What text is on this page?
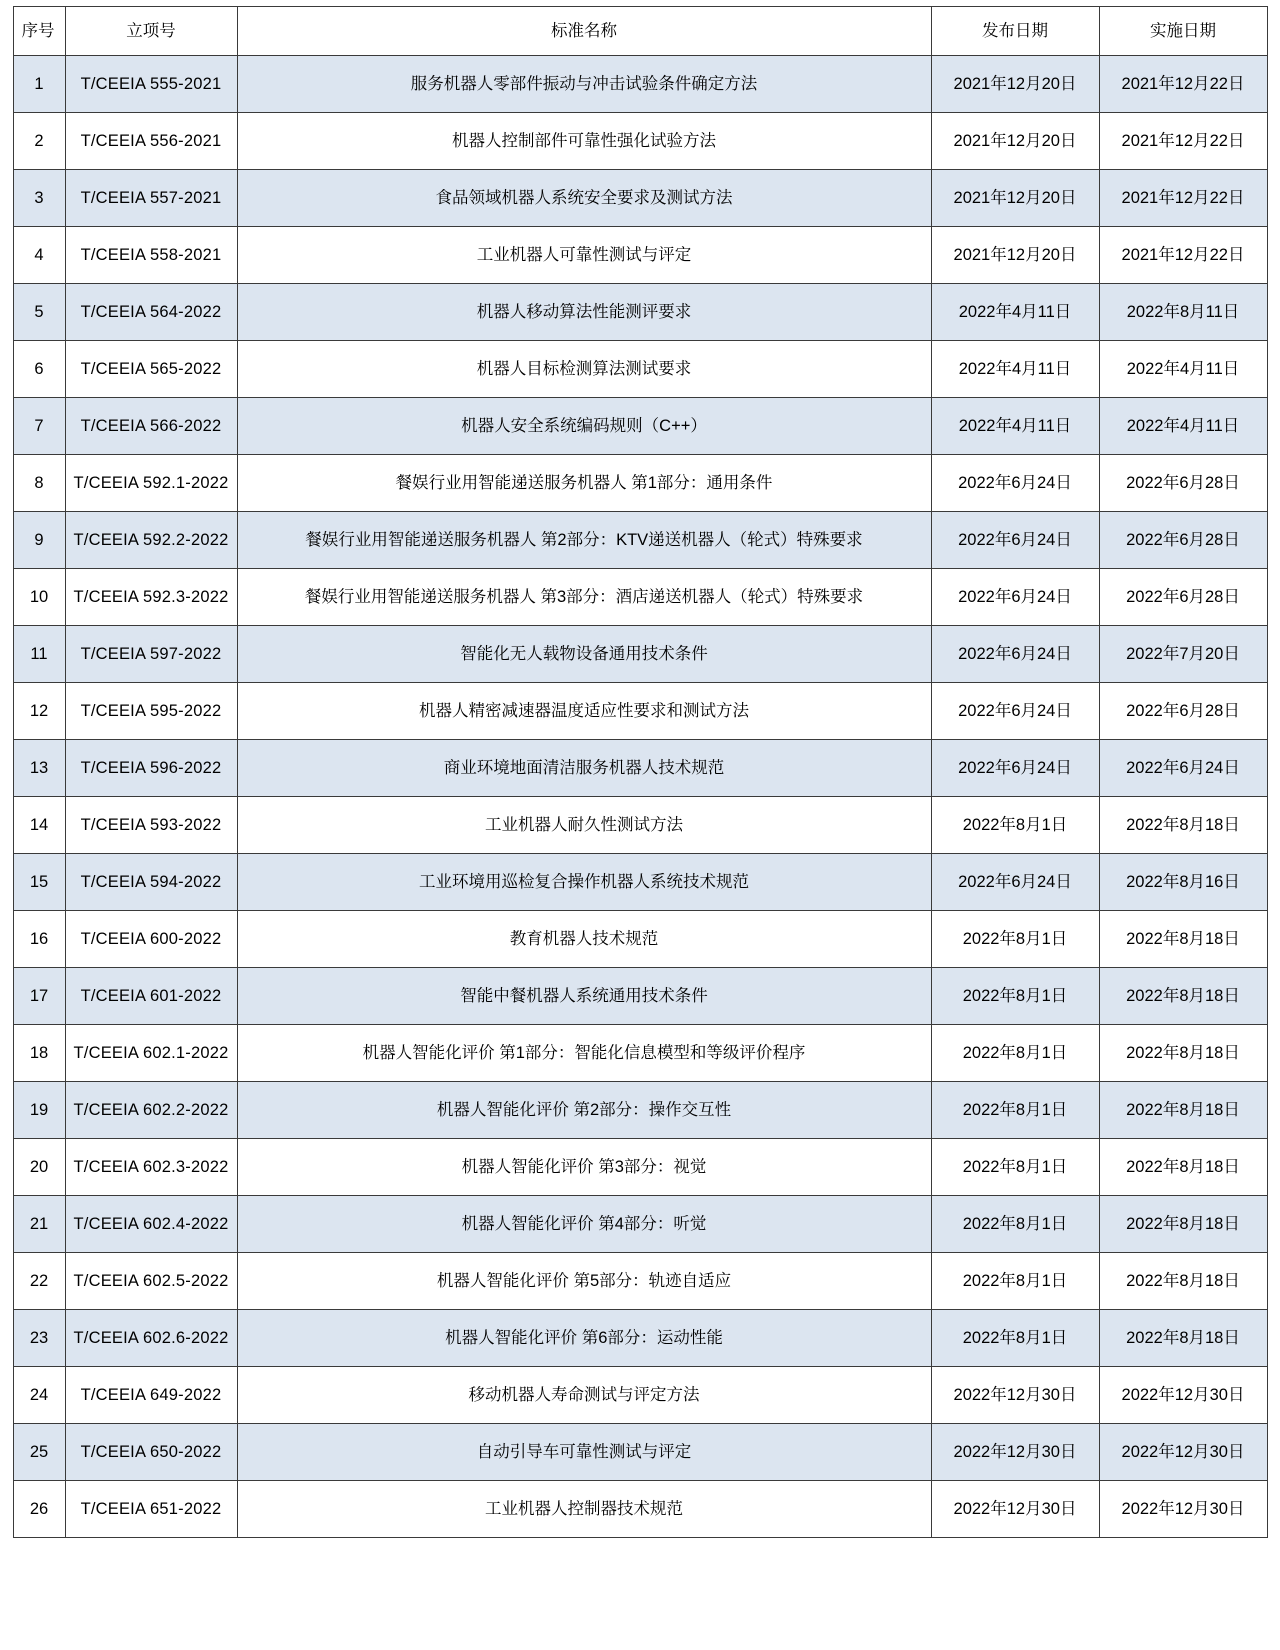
序号	立项号	标准名称	发布日期	实施日期
1	T/CEEIA 555-2021	服务机器人零部件振动与冲击试验条件确定方法	2021年12月20日	2021年12月22日
2	T/CEEIA 556-2021	机器人控制部件可靠性强化试验方法	2021年12月20日	2021年12月22日
3	T/CEEIA 557-2021	食品领域机器人系统安全要求及测试方法	2021年12月20日	2021年12月22日
4	T/CEEIA 558-2021	工业机器人可靠性测试与评定	2021年12月20日	2021年12月22日
5	T/CEEIA 564-2022	机器人移动算法性能测评要求	2022年4月11日	2022年8月11日
6	T/CEEIA 565-2022	机器人目标检测算法测试要求	2022年4月11日	2022年4月11日
7	T/CEEIA 566-2022	机器人安全系统编码规则（C++）	2022年4月11日	2022年4月11日
8	T/CEEIA 592.1-2022	餐娱行业用智能递送服务机器人 第1部分：通用条件	2022年6月24日	2022年6月28日
9	T/CEEIA 592.2-2022	餐娱行业用智能递送服务机器人 第2部分：KTV递送机器人（轮式）特殊要求	2022年6月24日	2022年6月28日
10	T/CEEIA 592.3-2022	餐娱行业用智能递送服务机器人 第3部分：酒店递送机器人（轮式）特殊要求	2022年6月24日	2022年6月28日
11	T/CEEIA 597-2022	智能化无人载物设备通用技术条件	2022年6月24日	2022年7月20日
12	T/CEEIA 595-2022	机器人精密减速器温度适应性要求和测试方法	2022年6月24日	2022年6月28日
13	T/CEEIA 596-2022	商业环境地面清洁服务机器人技术规范	2022年6月24日	2022年6月24日
14	T/CEEIA 593-2022	工业机器人耐久性测试方法	2022年8月1日	2022年8月18日
15	T/CEEIA 594-2022	工业环境用巡检复合操作机器人系统技术规范	2022年6月24日	2022年8月16日
16	T/CEEIA 600-2022	教育机器人技术规范	2022年8月1日	2022年8月18日
17	T/CEEIA 601-2022	智能中餐机器人系统通用技术条件	2022年8月1日	2022年8月18日
18	T/CEEIA 602.1-2022	机器人智能化评价 第1部分：智能化信息模型和等级评价程序	2022年8月1日	2022年8月18日
19	T/CEEIA 602.2-2022	机器人智能化评价 第2部分：操作交互性	2022年8月1日	2022年8月18日
20	T/CEEIA 602.3-2022	机器人智能化评价 第3部分：视觉	2022年8月1日	2022年8月18日
21	T/CEEIA 602.4-2022	机器人智能化评价 第4部分：听觉	2022年8月1日	2022年8月18日
22	T/CEEIA 602.5-2022	机器人智能化评价 第5部分：轨迹自适应	2022年8月1日	2022年8月18日
23	T/CEEIA 602.6-2022	机器人智能化评价 第6部分：运动性能	2022年8月1日	2022年8月18日
24	T/CEEIA 649-2022	移动机器人寿命测试与评定方法	2022年12月30日	2022年12月30日
25	T/CEEIA 650-2022	自动引导车可靠性测试与评定	2022年12月30日	2022年12月30日
26	T/CEEIA 651-2022	工业机器人控制器技术规范	2022年12月30日	2022年12月30日
